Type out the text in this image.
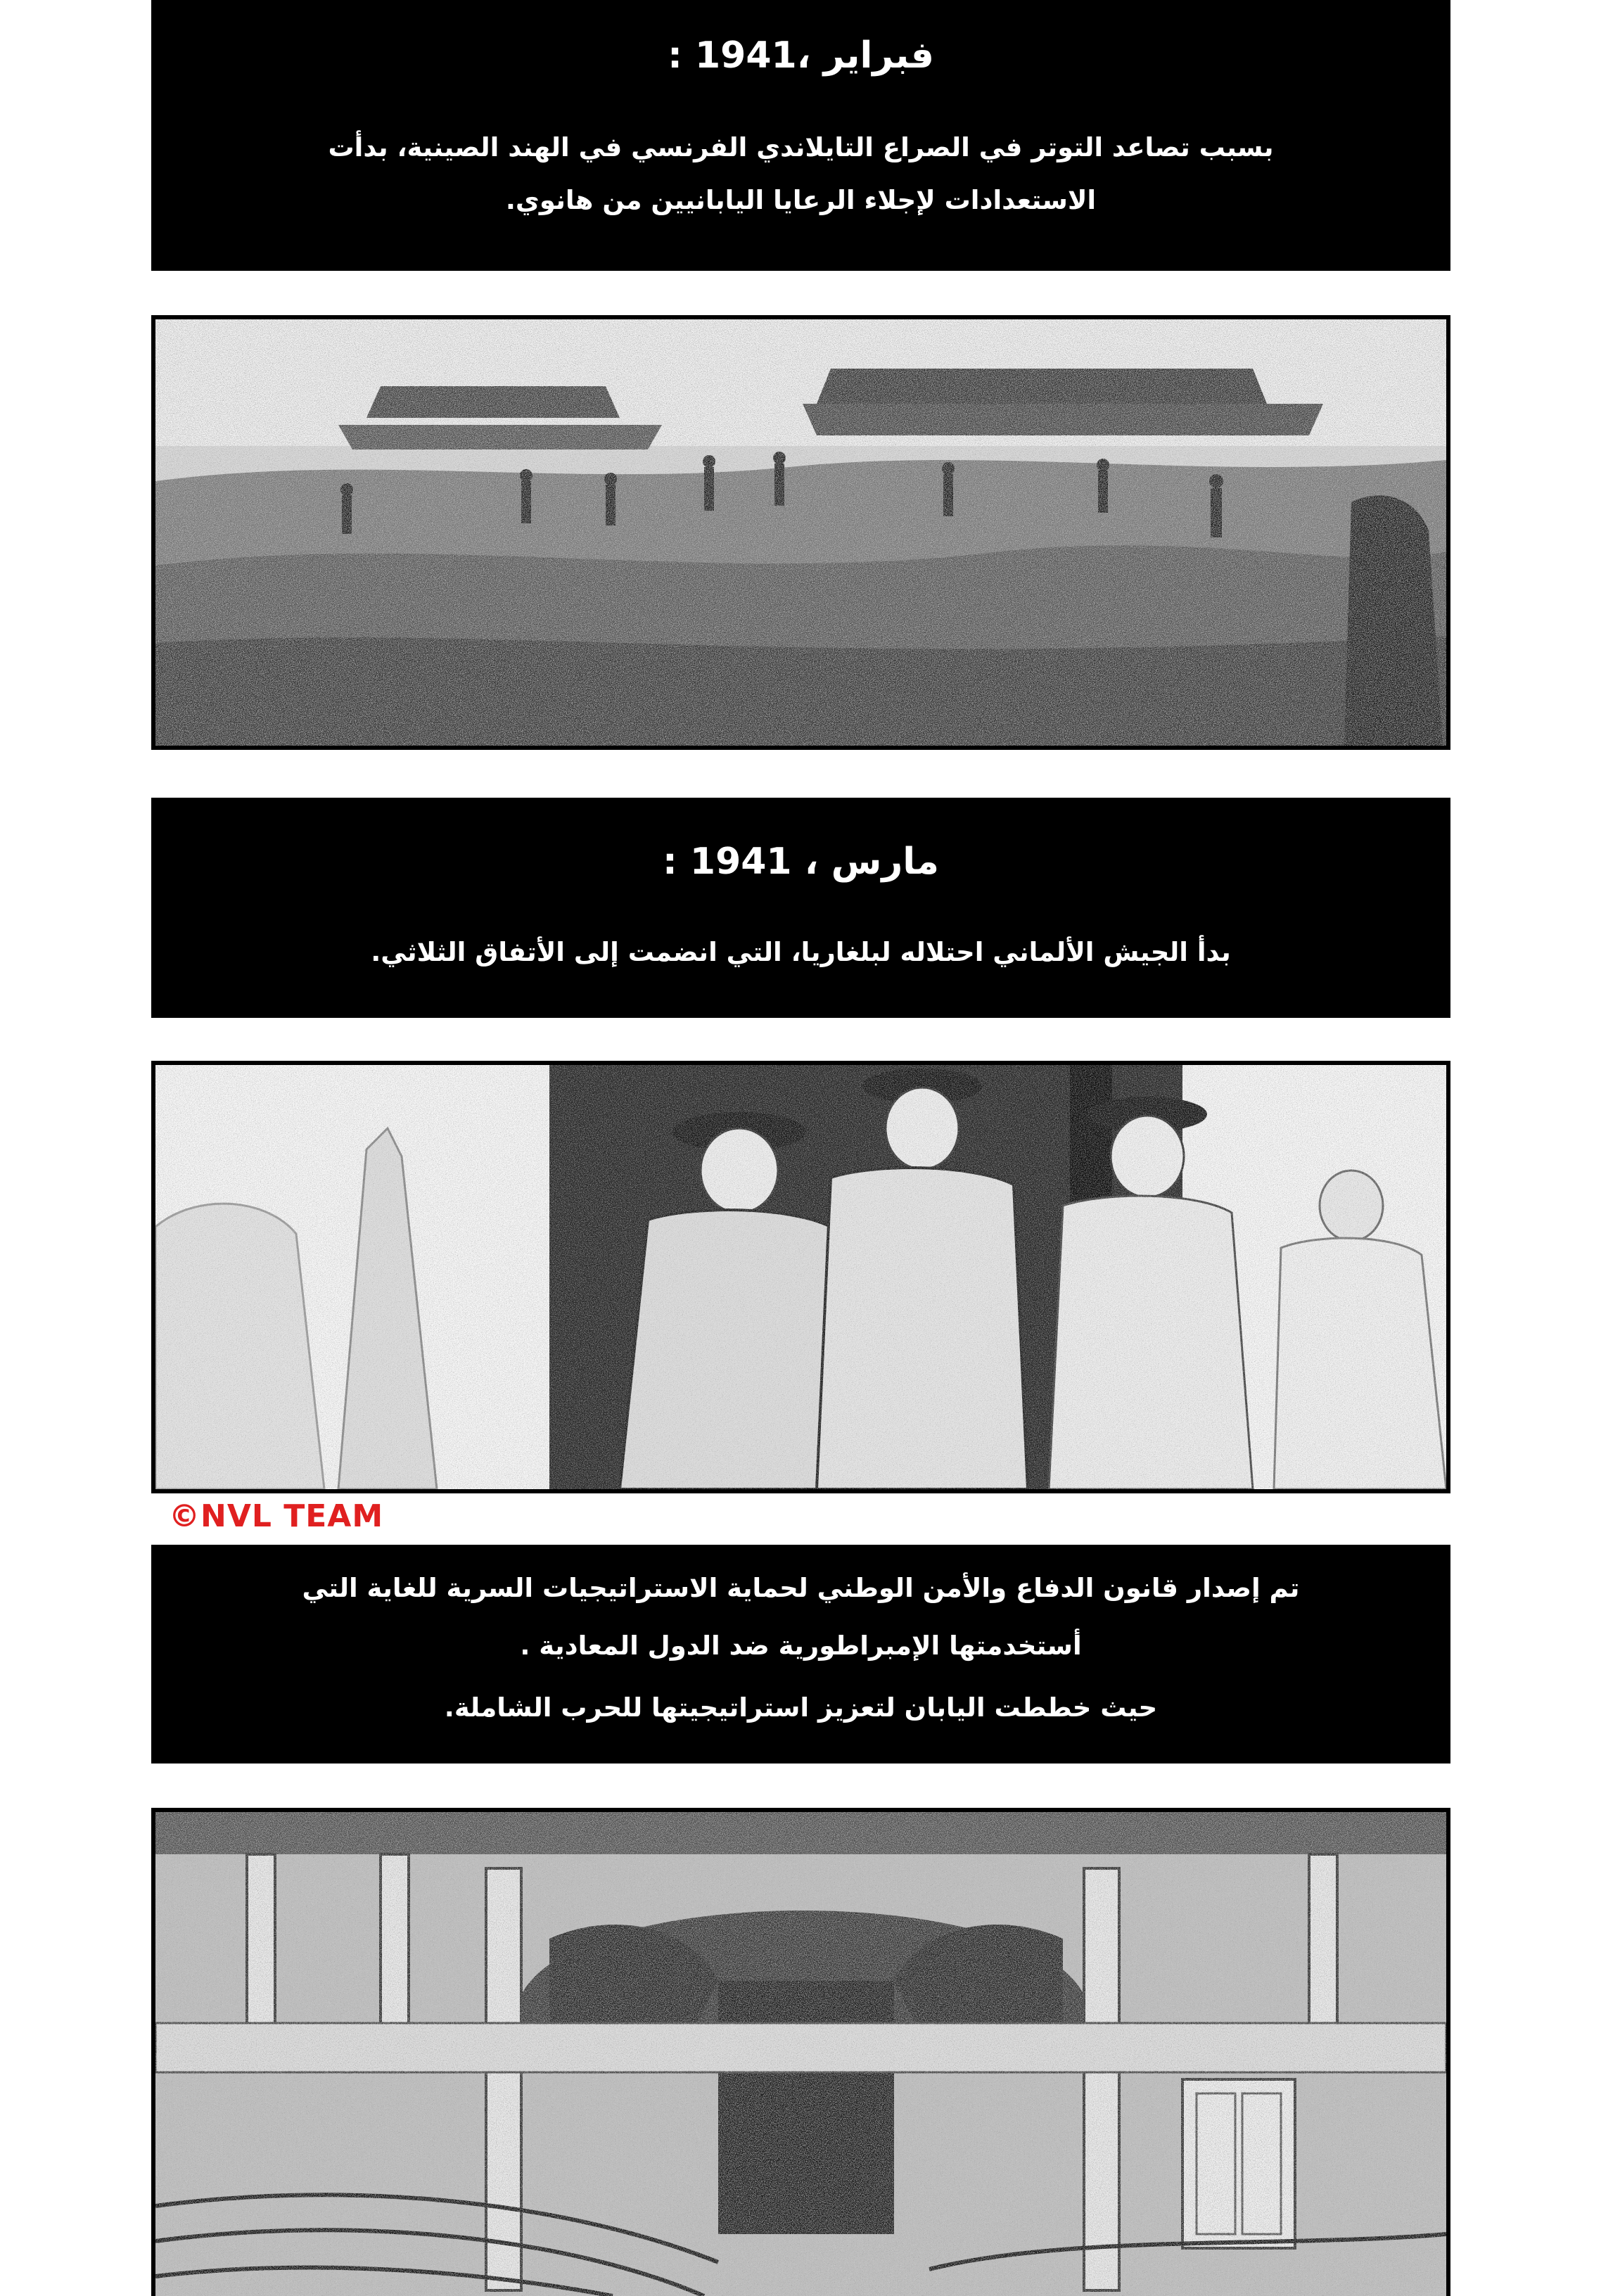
فبراير ،1941 :

بسبب تصاعد التوتر في الصراع التايلاندي الفرنسي في الهند الصينية، بدأت

الاستعدادات لإجلاء الرعايا اليابانيين من هانوي.

مارس ، 1941 :

بدأ الجيش الألماني احتلاله لبلغاريا، التي انضمت إلى الأتفاق الثلاثي.

©NVL TEAM

تم إصدار قانون الدفاع والأمن الوطني لحماية الاستراتيجيات السرية للغاية التي

أستخدمتها الإمبراطورية ضد الدول المعادية .

حيث خططت اليابان لتعزيز استراتيجيتها للحرب الشاملة.
